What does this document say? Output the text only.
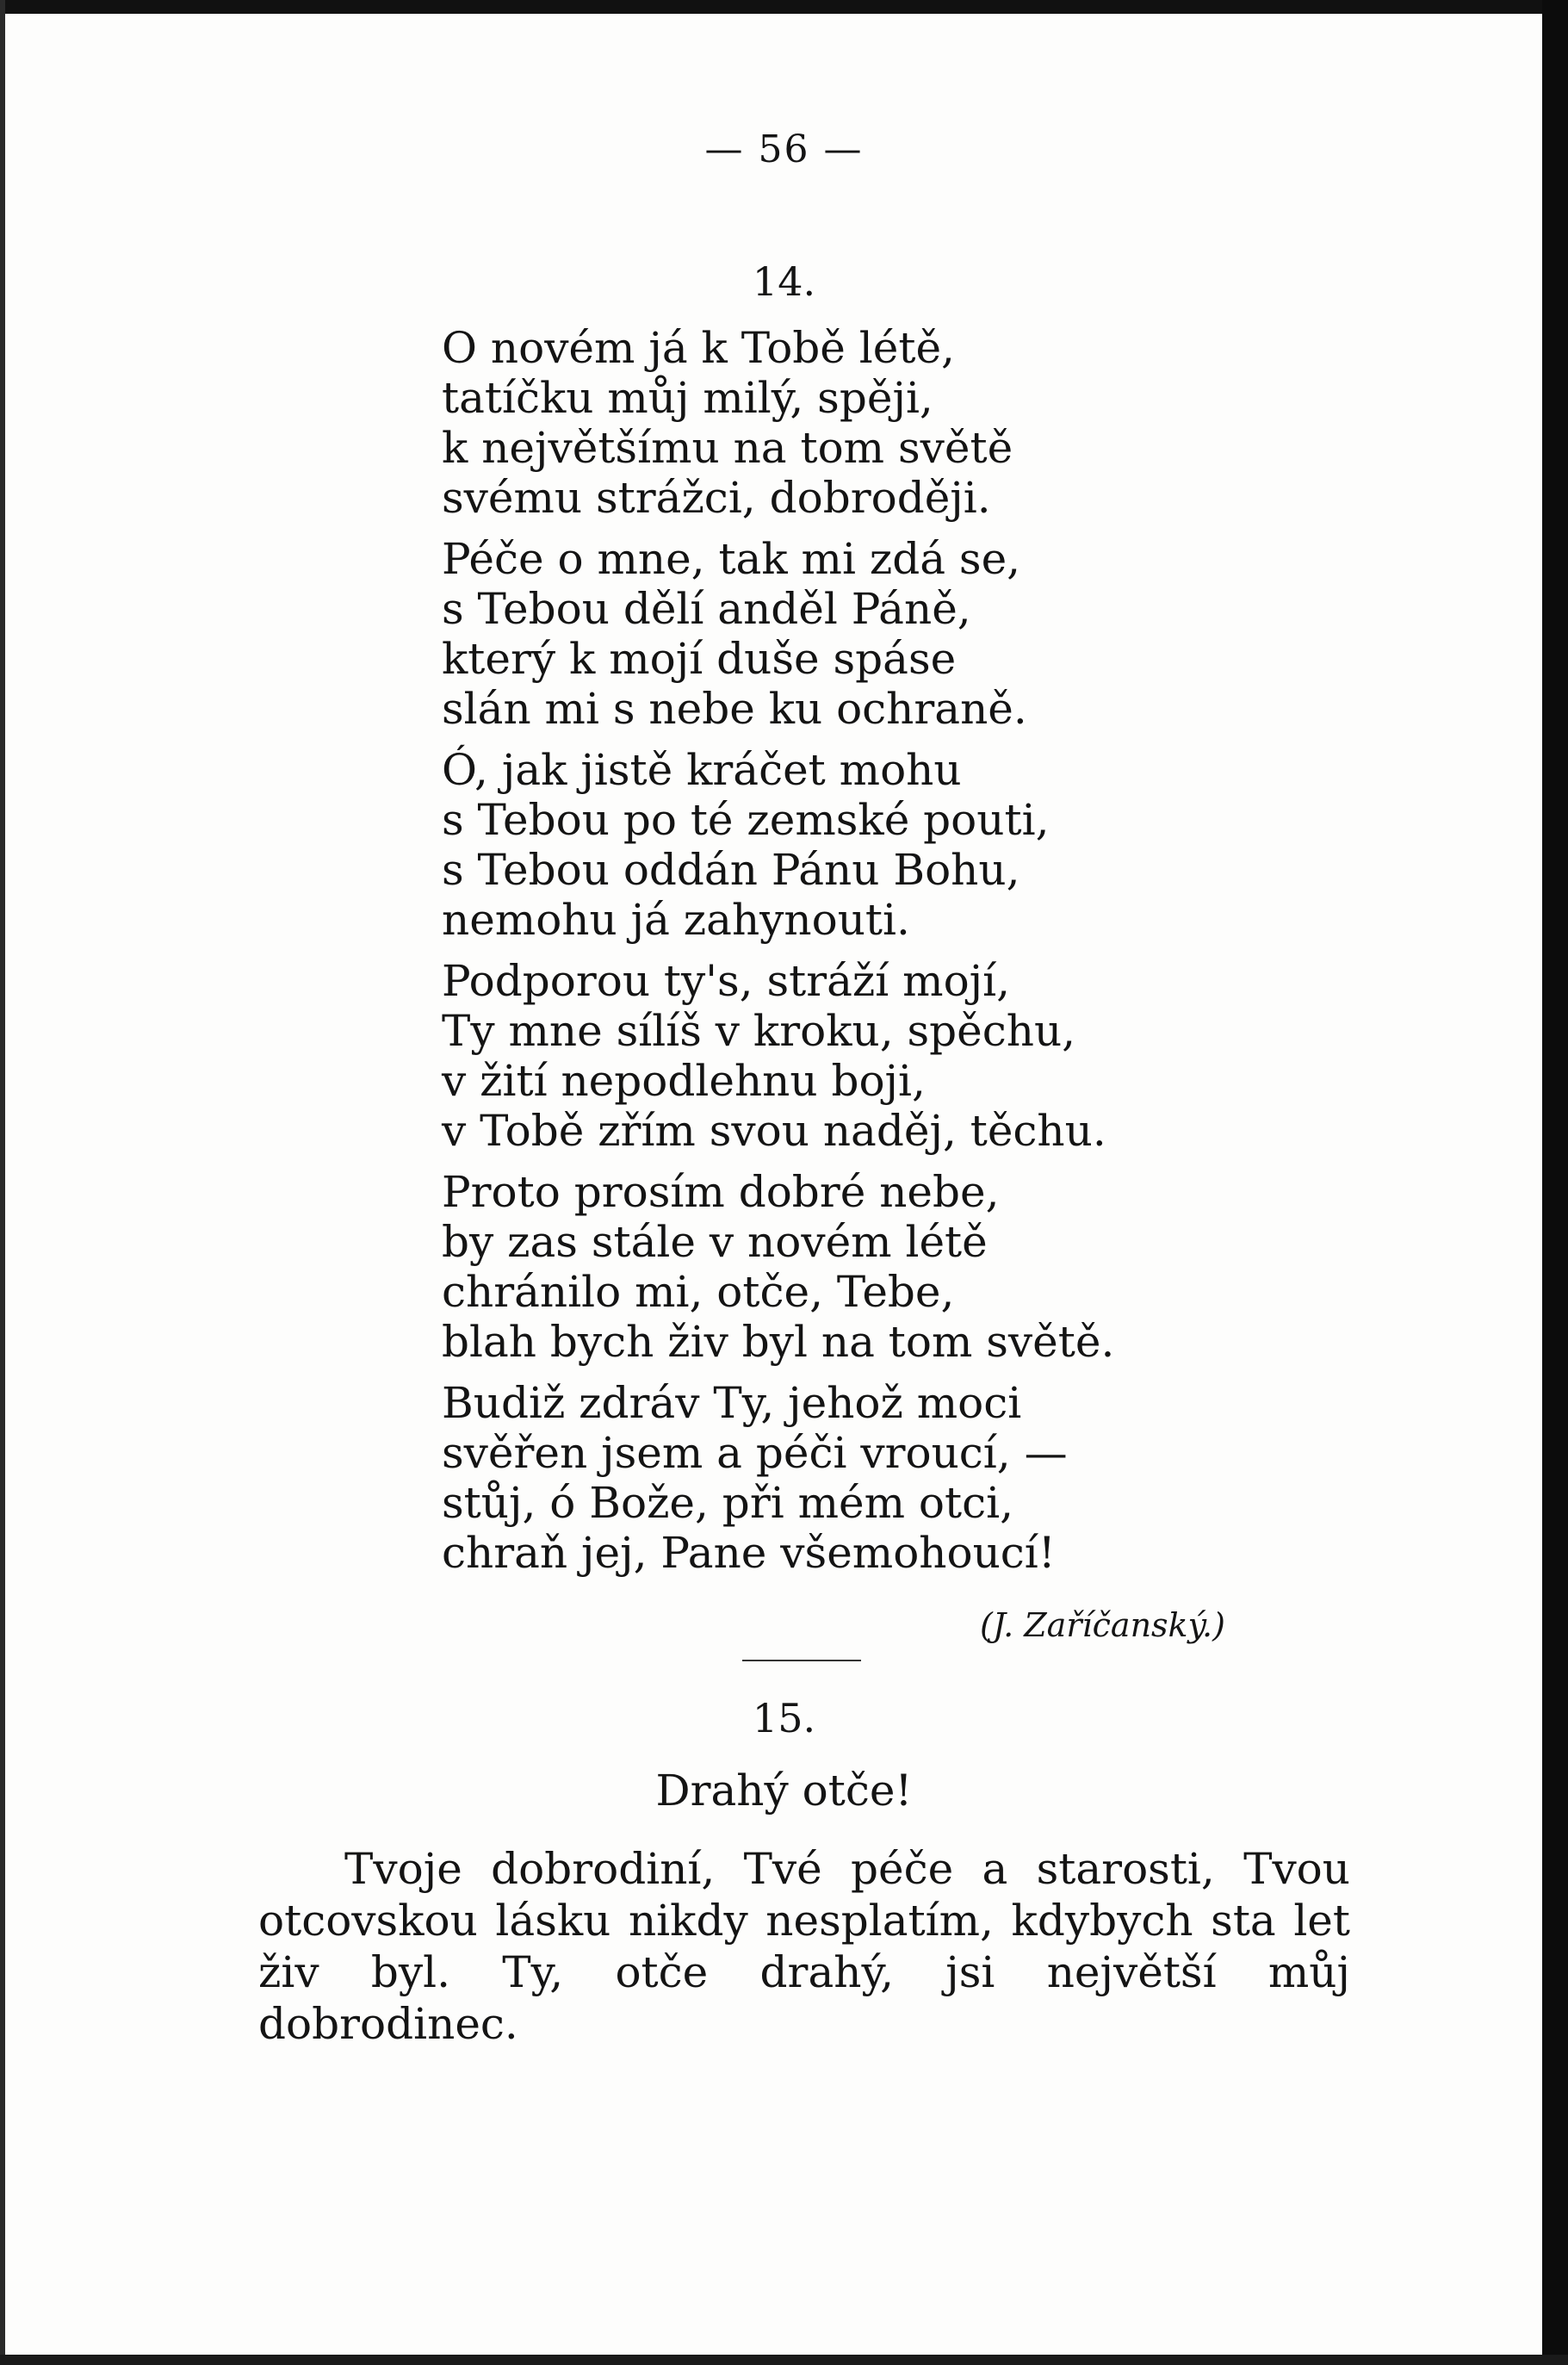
— 56 —
14.
O novém já k Tobě létě,
tatíčku můj milý, spěji,
k největšímu na tom světě
svému strážci, dobroději.
Péče o mne, tak mi zdá se,
s Tebou dělí anděl Páně,
který k mojí duše spáse
slán mi s nebe ku ochraně.
Ó, jak jistě kráčet mohu
s Tebou po té zemské pouti,
s Tebou oddán Pánu Bohu,
nemohu já zahynouti.
Podporou ty's, stráží mojí,
Ty mne sílíš v kroku, spěchu,
v žití nepodlehnu boji,
v Tobě zřím svou naděj, těchu.
Proto prosím dobré nebe,
by zas stále v novém létě
chránilo mi, otče, Tebe,
blah bych živ byl na tom světě.
Budiž zdráv Ty, jehož moci
svěřen jsem a péči vroucí, —
stůj, ó Bože, při mém otci,
chraň jej, Pane všemohoucí!
(J. Zaříčanský.)
15.
Drahý otče!
Tvoje dobrodiní, Tvé péče a starosti, Tvou otcovskou lásku nikdy nesplatím, kdybych sta let živ byl. Ty, otče drahý, jsi největší můj dobrodinec.
